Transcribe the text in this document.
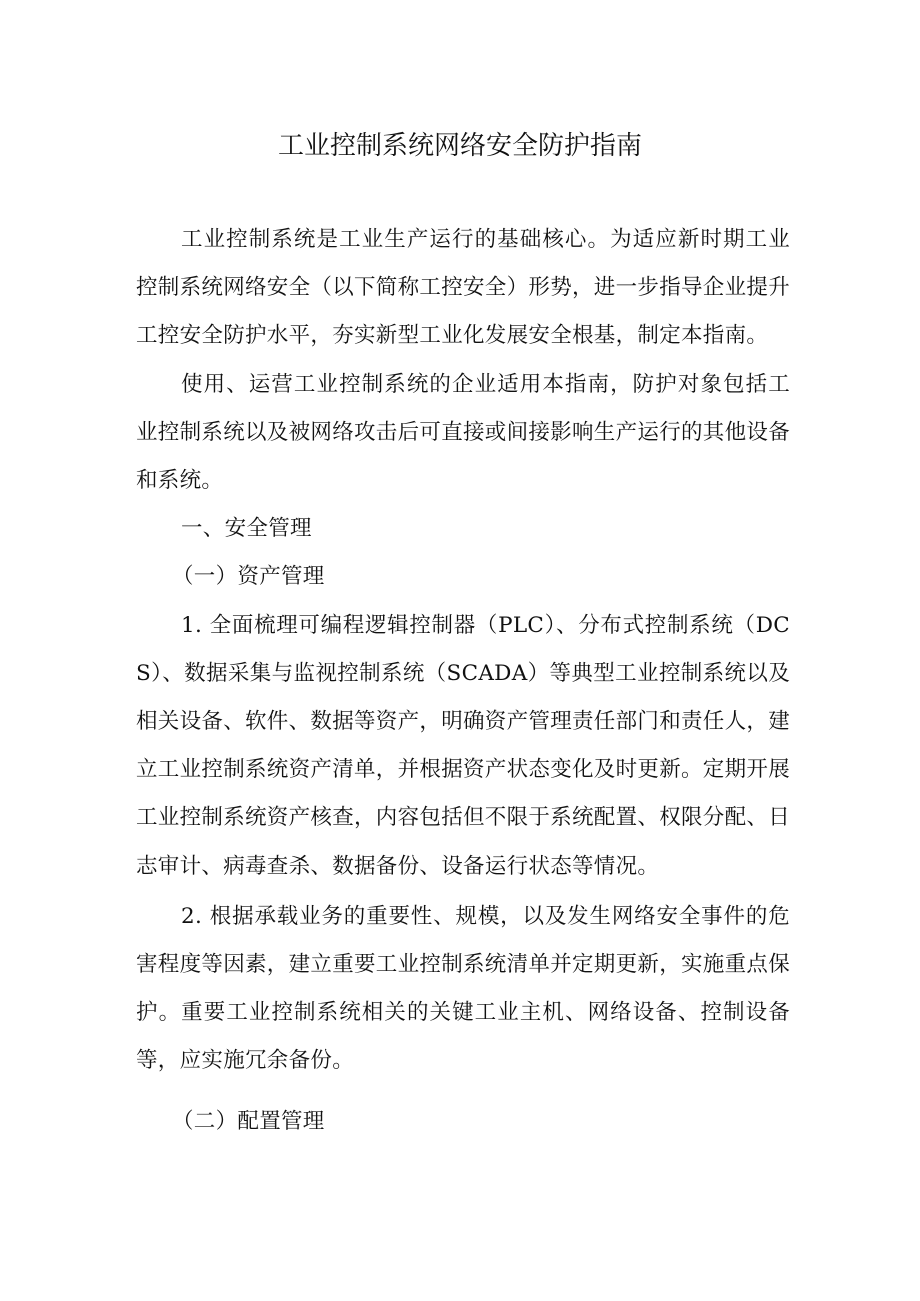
工业控制系统网络安全防护指南

工业控制系统是工业生产运行的基础核心。为适应新时期工业控制系统网络安全（以下简称工控安全）形势，进一步指导企业提升工控安全防护水平，夯实新型工业化发展安全根基，制定本指南。

使用、运营工业控制系统的企业适用本指南，防护对象包括工业控制系统以及被网络攻击后可直接或间接影响生产运行的其他设备和系统。

一、安全管理

（一）资产管理

1. 全面梳理可编程逻辑控制器（PLC）、分布式控制系统（DCS）、数据采集与监视控制系统（SCADA）等典型工业控制系统以及相关设备、软件、数据等资产，明确资产管理责任部门和责任人，建立工业控制系统资产清单，并根据资产状态变化及时更新。定期开展工业控制系统资产核查，内容包括但不限于系统配置、权限分配、日志审计、病毒查杀、数据备份、设备运行状态等情况。

2. 根据承载业务的重要性、规模，以及发生网络安全事件的危害程度等因素，建立重要工业控制系统清单并定期更新，实施重点保护。重要工业控制系统相关的关键工业主机、网络设备、控制设备等，应实施冗余备份。

（二）配置管理
